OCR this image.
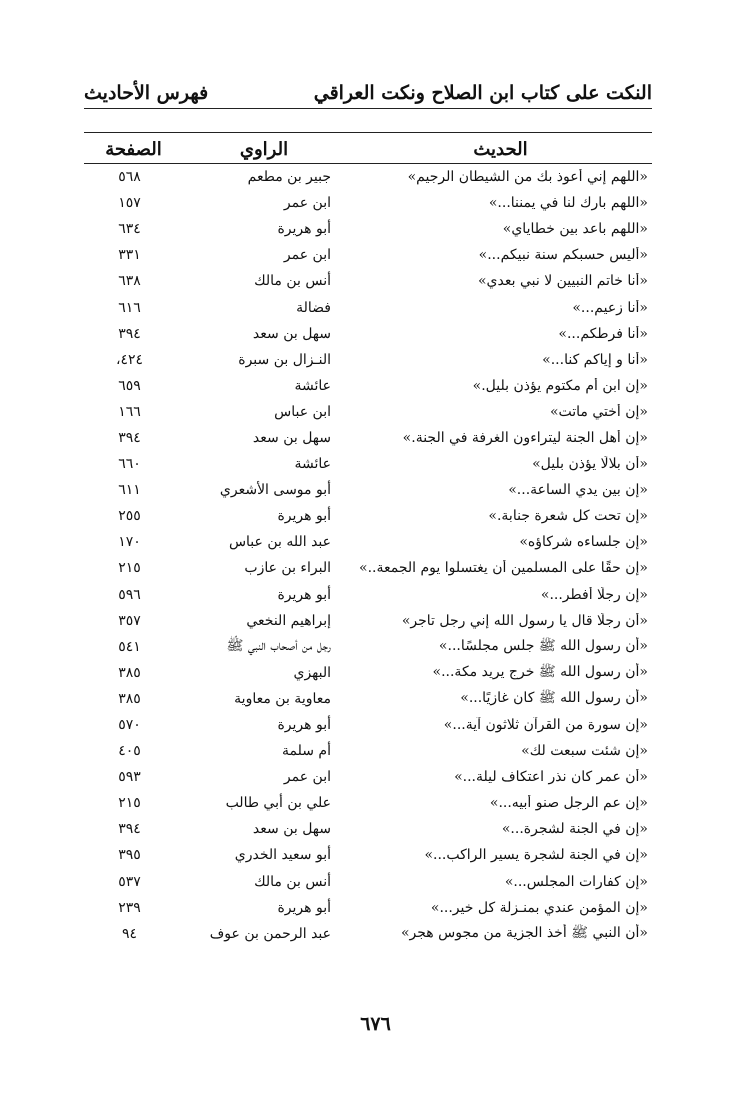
النكت على كتاب ابن الصلاح ونكت العراقي
فهرس الأحاديث
الحديث
الراوي
الصفحة
«اللهم إني أعوذ بك من الشيطان الرجيم»
جبير بن مطعم
٥٦٨
«اللهم بارك لنا في يمننا...»
ابن عمر
١٥٧
«اللهم باعد بين خطاياي»
أبو هريرة
٦٣٤
«أليس حسبكم سنة نبيكم...»
ابن عمر
٣٣١
«أنا خاتم النبيين لا نبي بعدي»
أنس بن مالك
٦٣٨
«أنا زعيم...»
فضالة
٦١٦
«أنا فرطكم...»
سهل بن سعد
٣٩٤
«أنا و إياكم كنا...»
النـزال بن سبرة
٤٢٤،
«إن ابن أم مكتوم يؤذن بليل.»
عائشة
٦٥٩
«إن أختي ماتت»
ابن عباس
١٦٦
«إن أهل الجنة ليتراءون الغرفة في الجنة.»
سهل بن سعد
٣٩٤
«أن بلالًا يؤذن بليل»
عائشة
٦٦٠
«إن بين يدي الساعة...»
أبو موسى الأشعري
٦١١
«إن تحت كل شعرة جنابة.»
أبو هريرة
٢٥٥
«إن جلساءه شركاؤه»
عبد الله بن عباس
١٧٠
«إن حقًا على المسلمين أن يغتسلوا يوم الجمعة..»
البراء بن عازب
٢١٥
«إن رجلًا أفطر...»
أبو هريرة
٥٩٦
«أن رجلًا قال يا رسول الله إني رجل تاجر»
إبراهيم النخعي
٣٥٧
«أن رسول الله ﷺ جلس مجلسًا...»
رجل من أصحاب النبي ﷺ
٥٤١
«أن رسول الله ﷺ خرج يريد مكة...»
البهزي
٣٨٥
«أن رسول الله ﷺ كان غازيًا...»
معاوية بن معاوية
٣٨٥
«إن سورة من القرآن ثلاثون آية...»
أبو هريرة
٥٧٠
«إن شئت سبعت لك»
أم سلمة
٤٠٥
«أن عمر كان نذر اعتكاف ليلة...»
ابن عمر
٥٩٣
«إن عم الرجل صنو أبيه...»
علي بن أبي طالب
٢١٥
«إن في الجنة لشجرة...»
سهل بن سعد
٣٩٤
«إن في الجنة لشجرة يسير الراكب...»
أبو سعيد الخدري
٣٩٥
«إن كفارات المجلس...»
أنس بن مالك
٥٣٧
«إن المؤمن عندي بمنـزلة كل خير...»
أبو هريرة
٢٣٩
«أن النبي ﷺ أخذ الجزية من مجوس هجر»
عبد الرحمن بن عوف
٩٤
٦٧٦
